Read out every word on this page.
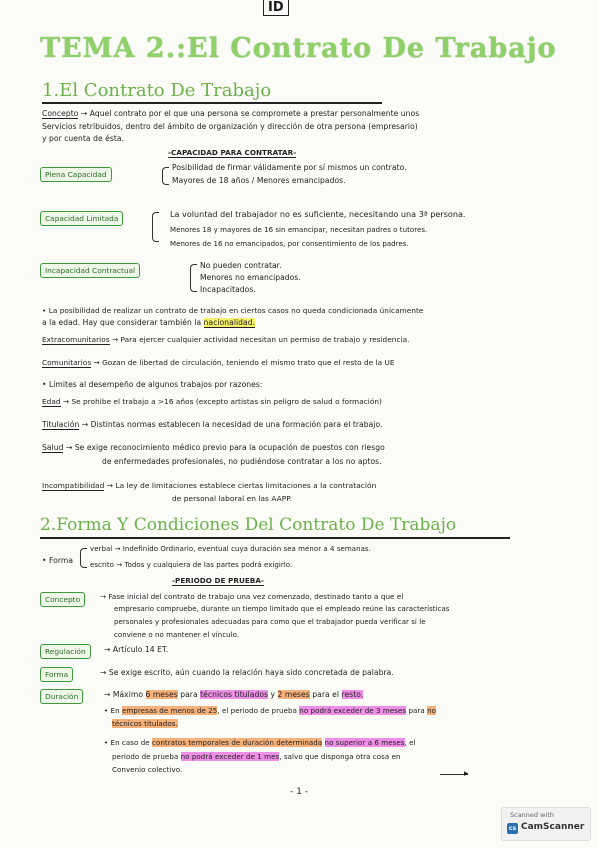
ID
TEMA 2.:El Contrato De Trabajo
1.El Contrato De Trabajo
Concepto → Aquel contrato por el que una persona se compromete a prestar personalmente unos
Servicios retribuidos, dentro del ámbito de organización y dirección de otra persona (empresario)
y por cuenta de ésta.
-CAPACIDAD PARA CONTRATAR-
Plena Capacidad
Posibilidad de firmar válidamente por sí mismos un contrato.
Mayores de 18 años / Menores emancipados.
Capacidad Limitada	La voluntad del trabajador no es suficiente, necesitando una 3ª persona.
Menores 18 y mayores de 16 sin emancipar, necesitan padres o tutores.
Menores de 16 no emancipados, por consentimiento de los padres.
Incapacidad Contractual
No pueden contratar.
Menores no emancipados.
Incapacitados.
• La posibilidad de realizar un contrato de trabajo en ciertos casos no queda condicionada únicamente
a la edad. Hay que considerar también la nacionalidad.
Extracomunitarios → Para ejercer cualquier actividad necesitan un permiso de trabajo y residencia.
Comunitarios → Gozan de libertad de circulación, teniendo el mismo trato que el resto de la UE
• Límites al desempeño de algunos trabajos por razones:
Edad → Se prohibe el trabajo a >16 años (excepto artistas sin peligro de salud o formación)
Titulación → Distintas normas establecen la necesidad de una formación para el trabajo.
Salud → Se exige reconocimiento médico previo para la ocupación de puestos con riesgo
de enfermedades profesionales, no pudiéndose contratar a los no aptos.
Incompatibilidad → La ley de limitaciones establece ciertas limitaciones a la contratación
de personal laboral en las AAPP.
2.Forma Y Condiciones Del Contrato De Trabajo
• Forma
verbal → Indefinido Ordinario, eventual cuya duración sea menor a 4 semanas.
escrito → Todos y cualquiera de las partes podrá exigirlo.
-PERIODO DE PRUEBA-
Concepto	→ Fase inicial del contrato de trabajo una vez comenzado, destinado tanto a que el
empresario compruebe, durante un tiempo limitado que el empleado reúne las características
personales y profesionales adecuadas para como que el trabajador pueda verificar si le
conviene o no mantener el vínculo.
Regulación	→ Artículo 14 ET.
Forma	→ Se exige escrito, aún cuando la relación haya sido concretada de palabra.
Duración	→ Máximo 6 meses para técnicos titulados y 2 meses para el resto.
• En empresas de menos de 25, el periodo de prueba no podrá exceder de 3 meses para no
técnicos titulados.
• En caso de contratos temporales de duración determinada no superior a 6 meses, el
periodo de prueba no podrá exceder de 1 mes, salvo que disponga otra cosa en
Convenio colectivo.	▸
- 1 -
Scanned with
cs CamScanner
